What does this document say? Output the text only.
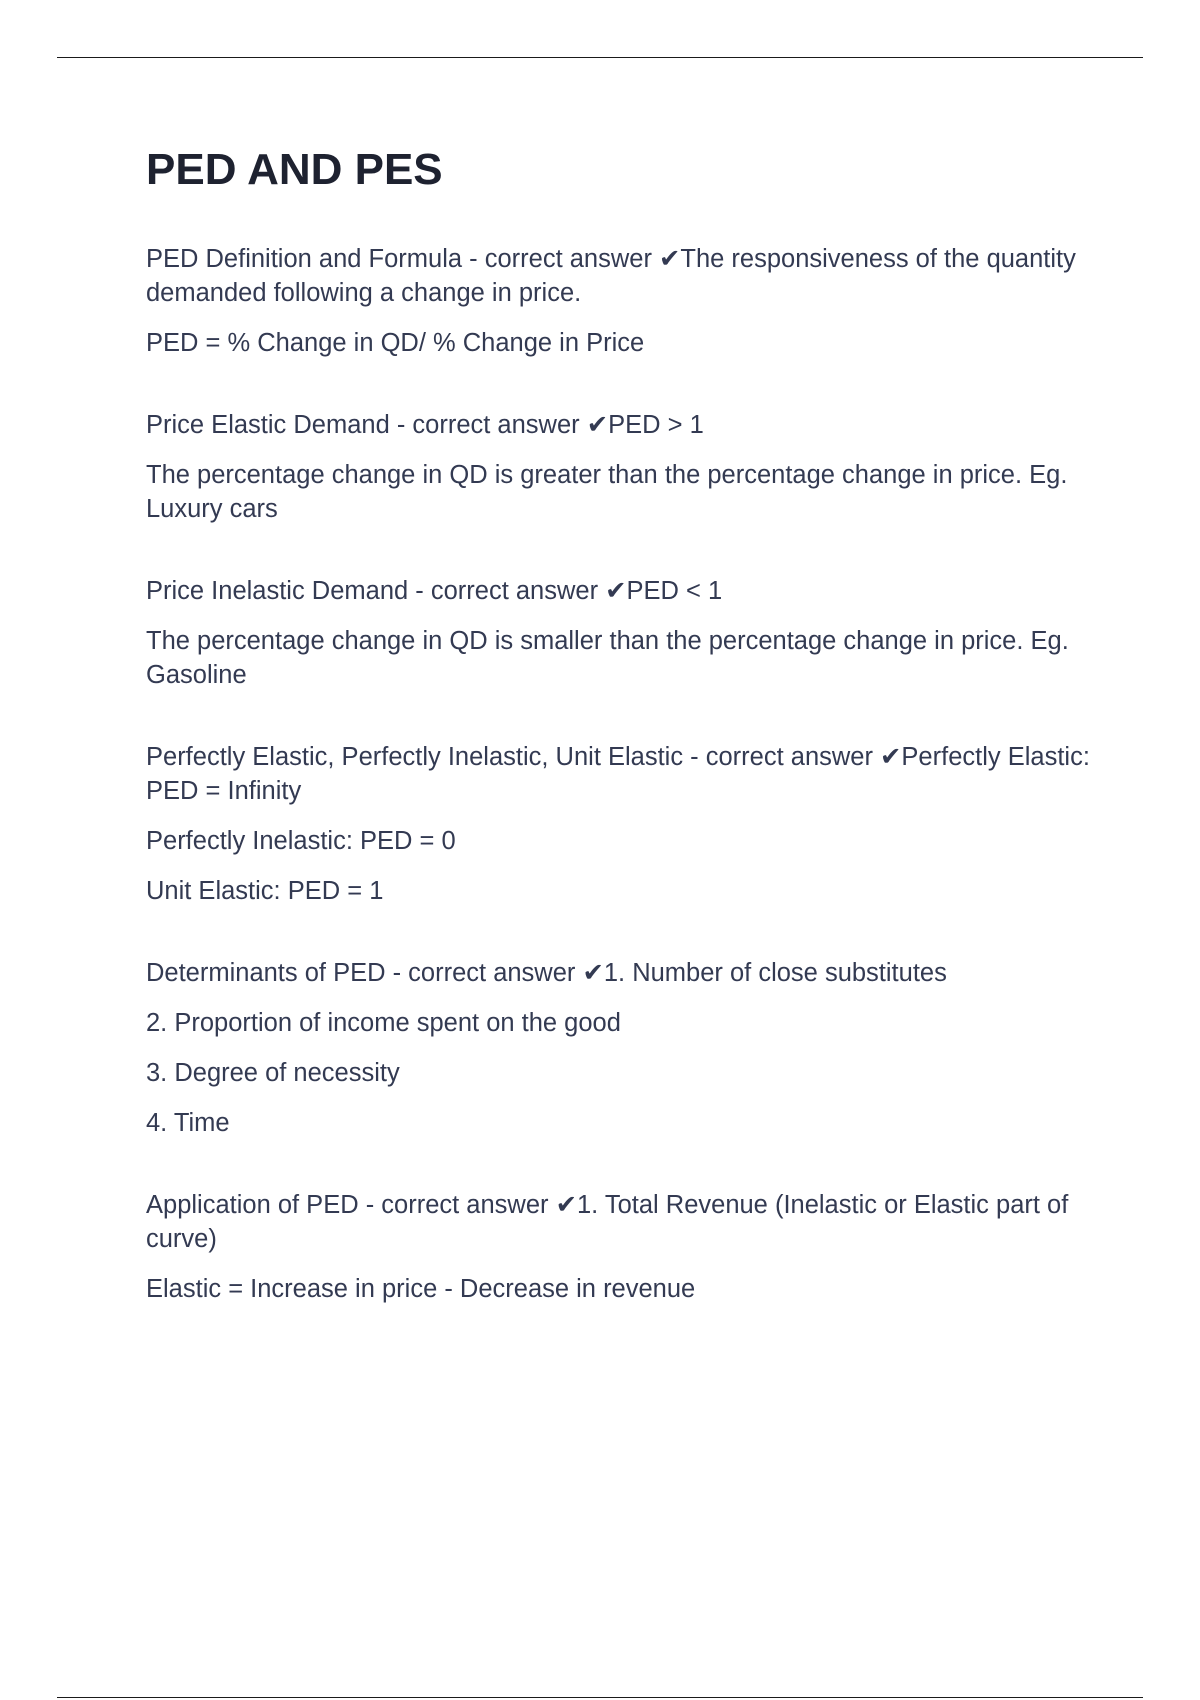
PED AND PES

PED Definition and Formula - correct answer ✔The responsiveness of the quantity demanded following a change in price.

PED = % Change in QD/ % Change in Price

Price Elastic Demand - correct answer ✔PED > 1

The percentage change in QD is greater than the percentage change in price. Eg. Luxury cars

Price Inelastic Demand - correct answer ✔PED < 1

The percentage change in QD is smaller than the percentage change in price. Eg. Gasoline

Perfectly Elastic, Perfectly Inelastic, Unit Elastic - correct answer ✔Perfectly Elastic: PED = Infinity

Perfectly Inelastic: PED = 0

Unit Elastic: PED = 1

Determinants of PED - correct answer ✔1. Number of close substitutes

2. Proportion of income spent on the good

3. Degree of necessity

4. Time

Application of PED - correct answer ✔1. Total Revenue (Inelastic or Elastic part of curve)

Elastic = Increase in price - Decrease in revenue
